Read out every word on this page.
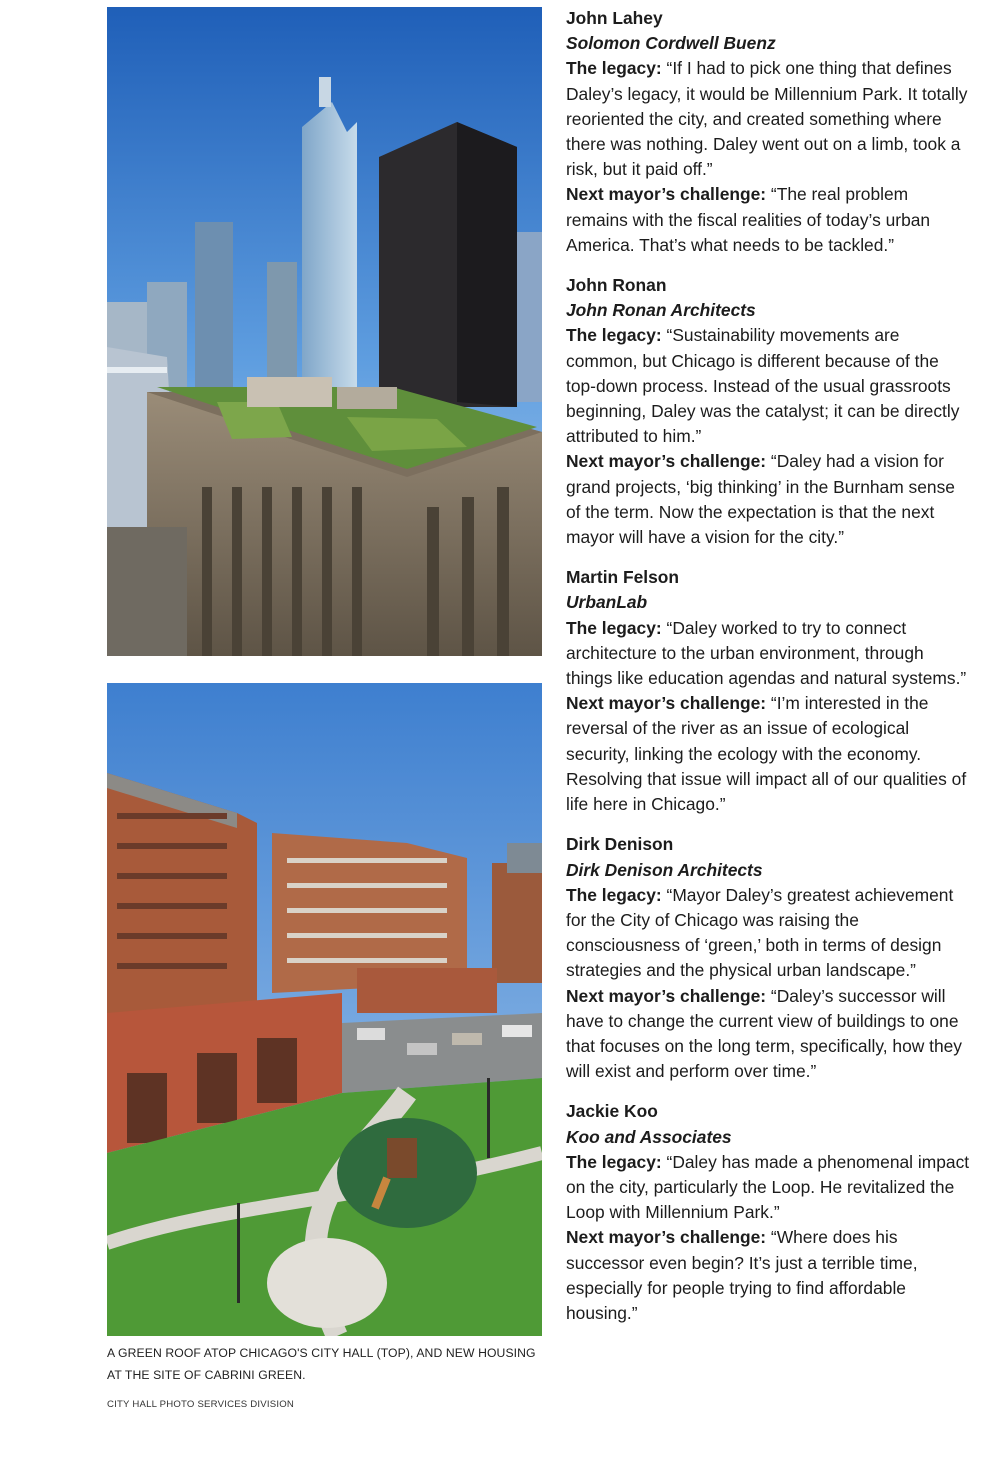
A GREEN ROOF ATOP CHICAGO'S CITY HALL (TOP), AND NEW HOUSING AT THE SITE OF CABRINI GREEN.
CITY HALL PHOTO SERVICES DIVISION
John Lahey
Solomon Cordwell Buenz
The legacy: “If I had to pick one thing that defines Daley’s legacy, it would be Millennium Park. It totally reoriented the city, and created something where there was nothing. Daley went out on a limb, took a risk, but it paid off.”
Next mayor’s challenge: “The real problem remains with the fiscal realities of today’s urban America. That’s what needs to be tackled.”
John Ronan
John Ronan Architects
The legacy: “Sustainability movements are common, but Chicago is different because of the top-down process. Instead of the usual grassroots beginning, Daley was the catalyst; it can be directly attributed to him.”
Next mayor’s challenge: “Daley had a vision for grand projects, ‘big thinking’ in the Burnham sense of the term. Now the expectation is that the next mayor will have a vision for the city.”
Martin Felson
UrbanLab
The legacy: “Daley worked to try to connect architecture to the urban environment, through things like education agendas and natural systems.”
Next mayor’s challenge: “I’m interested in the reversal of the river as an issue of ecological security, linking the ecology with the economy. Resolving that issue will impact all of our qualities of life here in Chicago.”
Dirk Denison
Dirk Denison Architects
The legacy: “Mayor Daley’s greatest achievement for the City of Chicago was raising the consciousness of ‘green,’ both in terms of design strategies and the physical urban landscape.”
Next mayor’s challenge: “Daley’s successor will have to change the current view of buildings to one that focuses on the long term, specifically, how they will exist and perform over time.”
Jackie Koo
Koo and Associates
The legacy: “Daley has made a phenomenal impact on the city, particularly the Loop. He revitalized the Loop with Millennium Park.”
Next mayor’s challenge: “Where does his successor even begin? It’s just a terrible time, especially for people trying to find affordable housing.”
